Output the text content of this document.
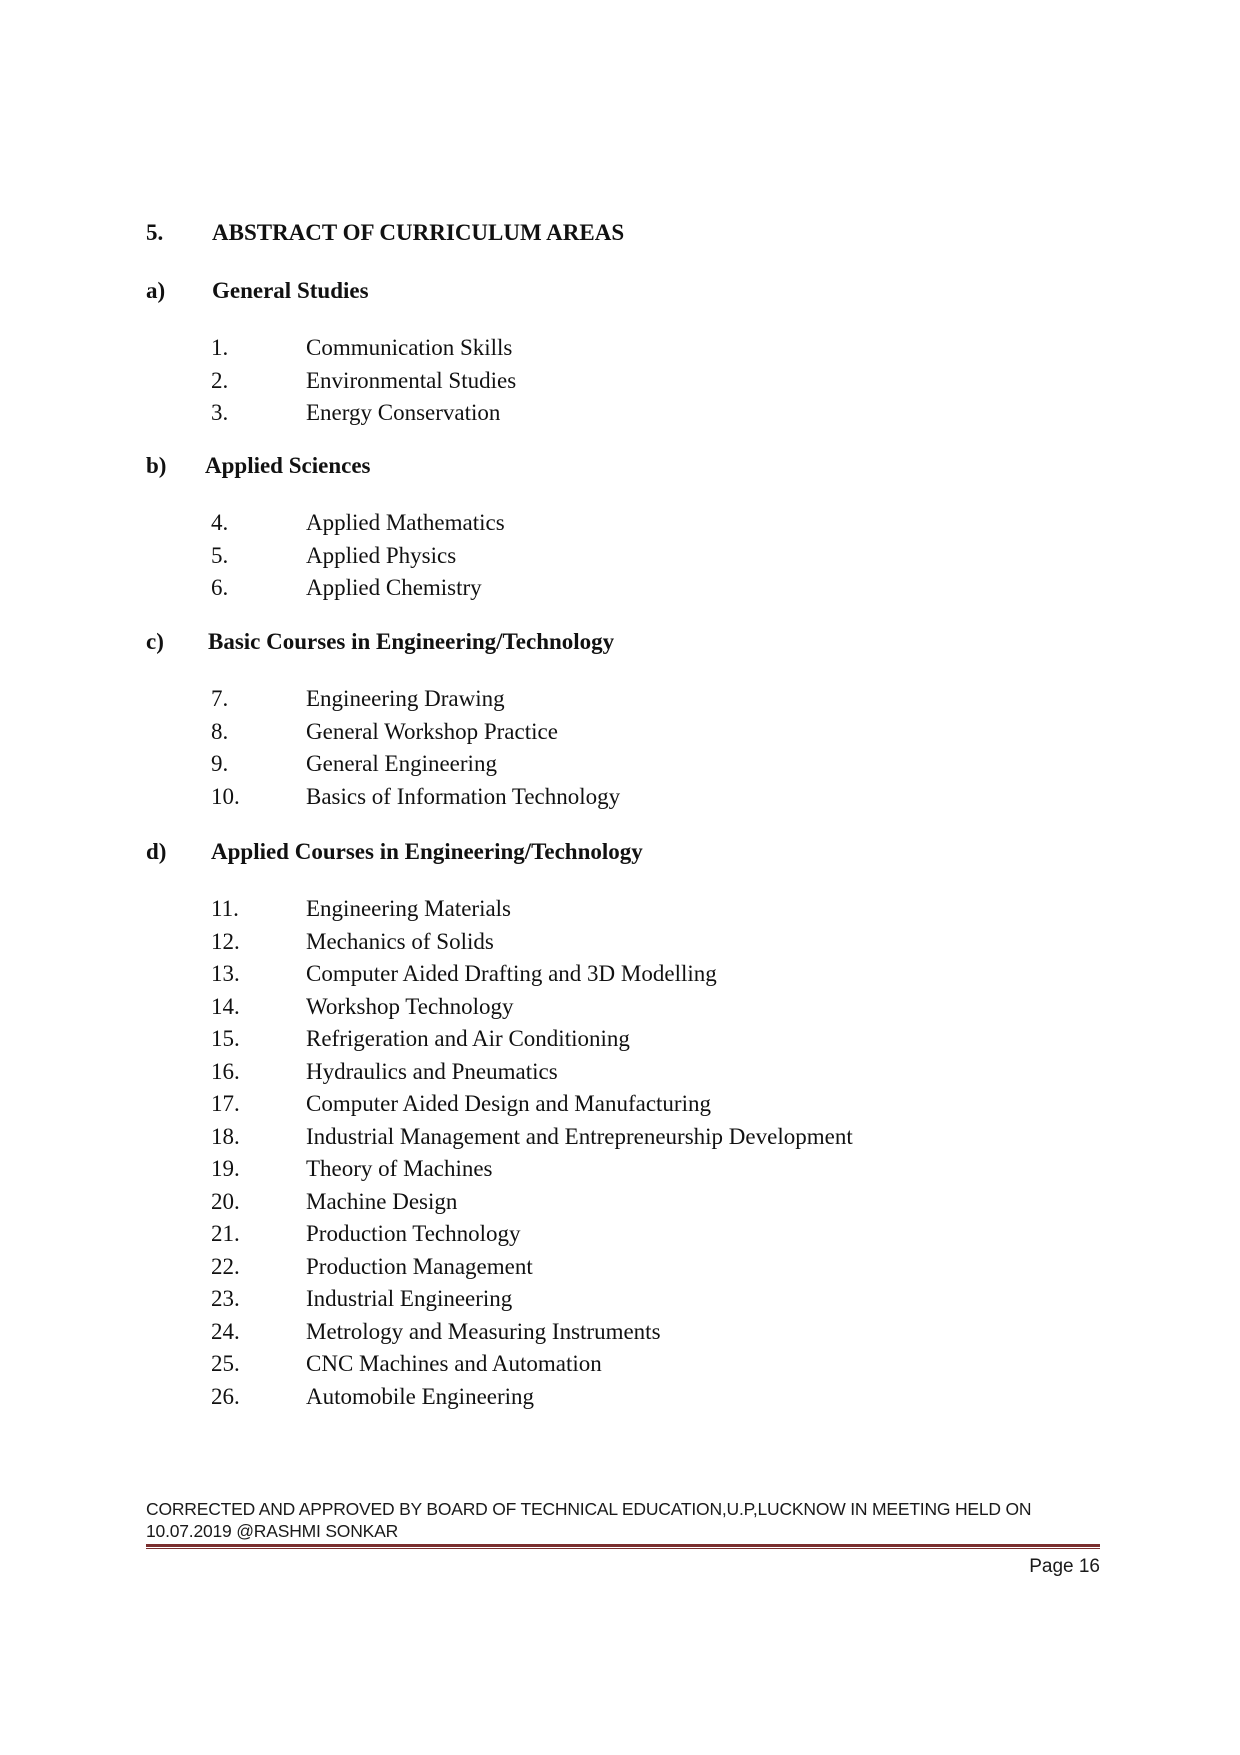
5. ABSTRACT OF CURRICULUM AREAS
a) General Studies
1.	Communication Skills
2.	Environmental Studies
3.	Energy Conservation
b) Applied Sciences
4.	Applied Mathematics
5.	Applied Physics
6.	Applied Chemistry
c) Basic Courses in Engineering/Technology
7.	Engineering Drawing
8.	General Workshop Practice
9.	General Engineering
10.	Basics of Information Technology
d) Applied Courses in Engineering/Technology
11.	Engineering Materials
12.	Mechanics of Solids
13.	Computer Aided Drafting and 3D Modelling
14.	Workshop Technology
15.	Refrigeration and Air Conditioning
16.	Hydraulics and Pneumatics
17.	Computer Aided Design and Manufacturing
18.	Industrial Management and Entrepreneurship Development
19.	Theory of Machines
20.	Machine Design
21.	Production Technology
22.	Production Management
23.	Industrial Engineering
24.	Metrology and Measuring Instruments
25.	CNC Machines and Automation
26.	Automobile Engineering
CORRECTED AND APPROVED BY BOARD OF TECHNICAL EDUCATION,U.P,LUCKNOW IN MEETING HELD ON
10.07.2019 @RASHMI SONKAR
Page 16
